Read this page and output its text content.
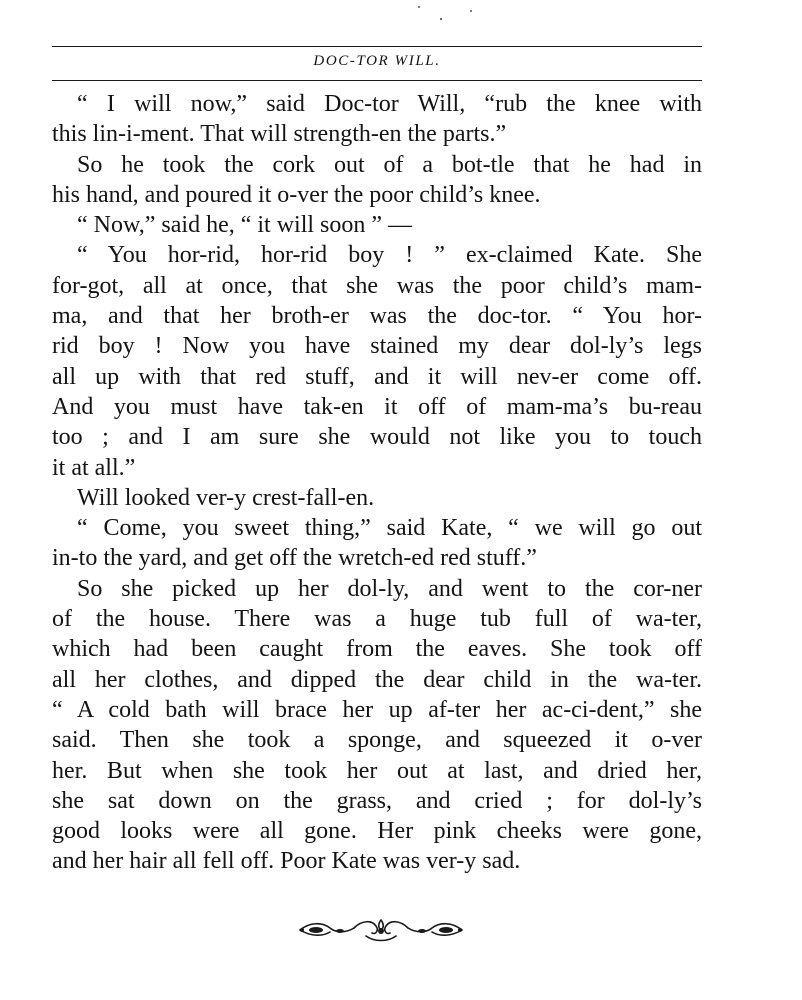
DOC-TOR WILL.
“ I will now,” said Doc-tor Will, “rub the knee with
this lin-i-ment. That will strength-en the parts.”
So he took the cork out of a bot-tle that he had in
his hand, and poured it o-ver the poor child’s knee.
“ Now,” said he, “ it will soon ” —
“ You hor-rid, hor-rid boy ! ” ex-claimed Kate. She
for-got, all at once, that she was the poor child’s mam-
ma, and that her broth-er was the doc-tor. “ You hor-
rid boy ! Now you have stained my dear dol-ly’s legs
all up with that red stuff, and it will nev-er come off.
And you must have tak-en it off of mam-ma’s bu-reau
too ; and I am sure she would not like you to touch
it at all.”
Will looked ver-y crest-fall-en.
“ Come, you sweet thing,” said Kate, “ we will go out
in-to the yard, and get off the wretch-ed red stuff.”
So she picked up her dol-ly, and went to the cor-ner
of the house. There was a huge tub full of wa-ter,
which had been caught from the eaves. She took off
all her clothes, and dipped the dear child in the wa-ter.
“ A cold bath will brace her up af-ter her ac-ci-dent,” she
said. Then she took a sponge, and squeezed it o-ver
her. But when she took her out at last, and dried her,
she sat down on the grass, and cried ; for dol-ly’s
good looks were all gone. Her pink cheeks were gone,
and her hair all fell off. Poor Kate was ver-y sad.
